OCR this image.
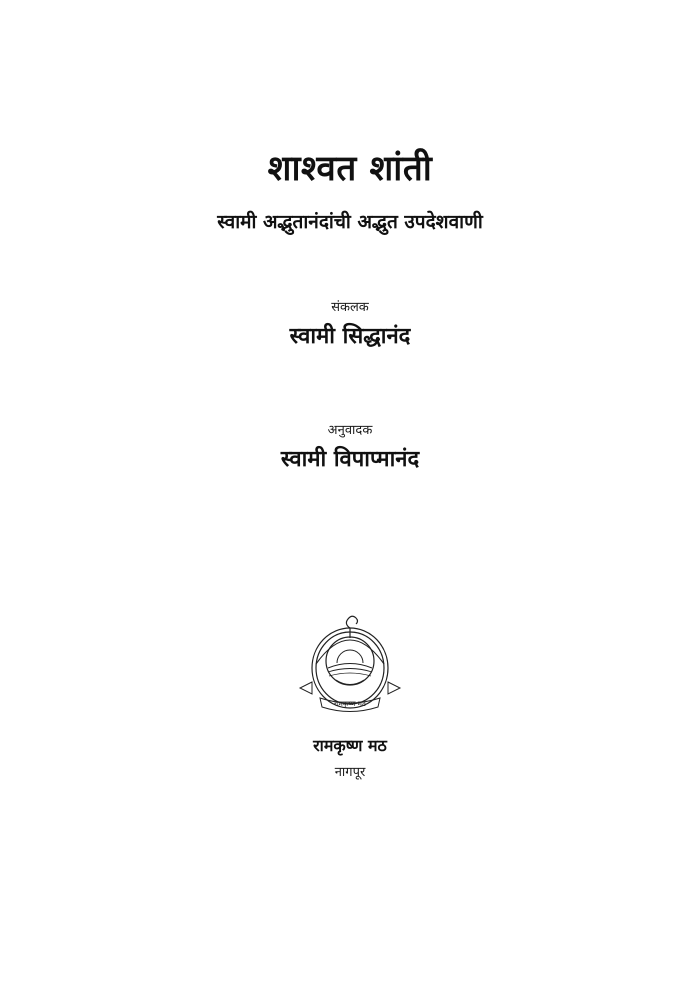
शाश्वत शांती
स्वामी अद्भुतानंदांची अद्भुत उपदेशवाणी
संकलक
स्वामी सिद्धानंद
अनुवादक
स्वामी विपाप्मानंद
रामकृष्ण मठ
रामकृष्ण मठ
नागपूर
